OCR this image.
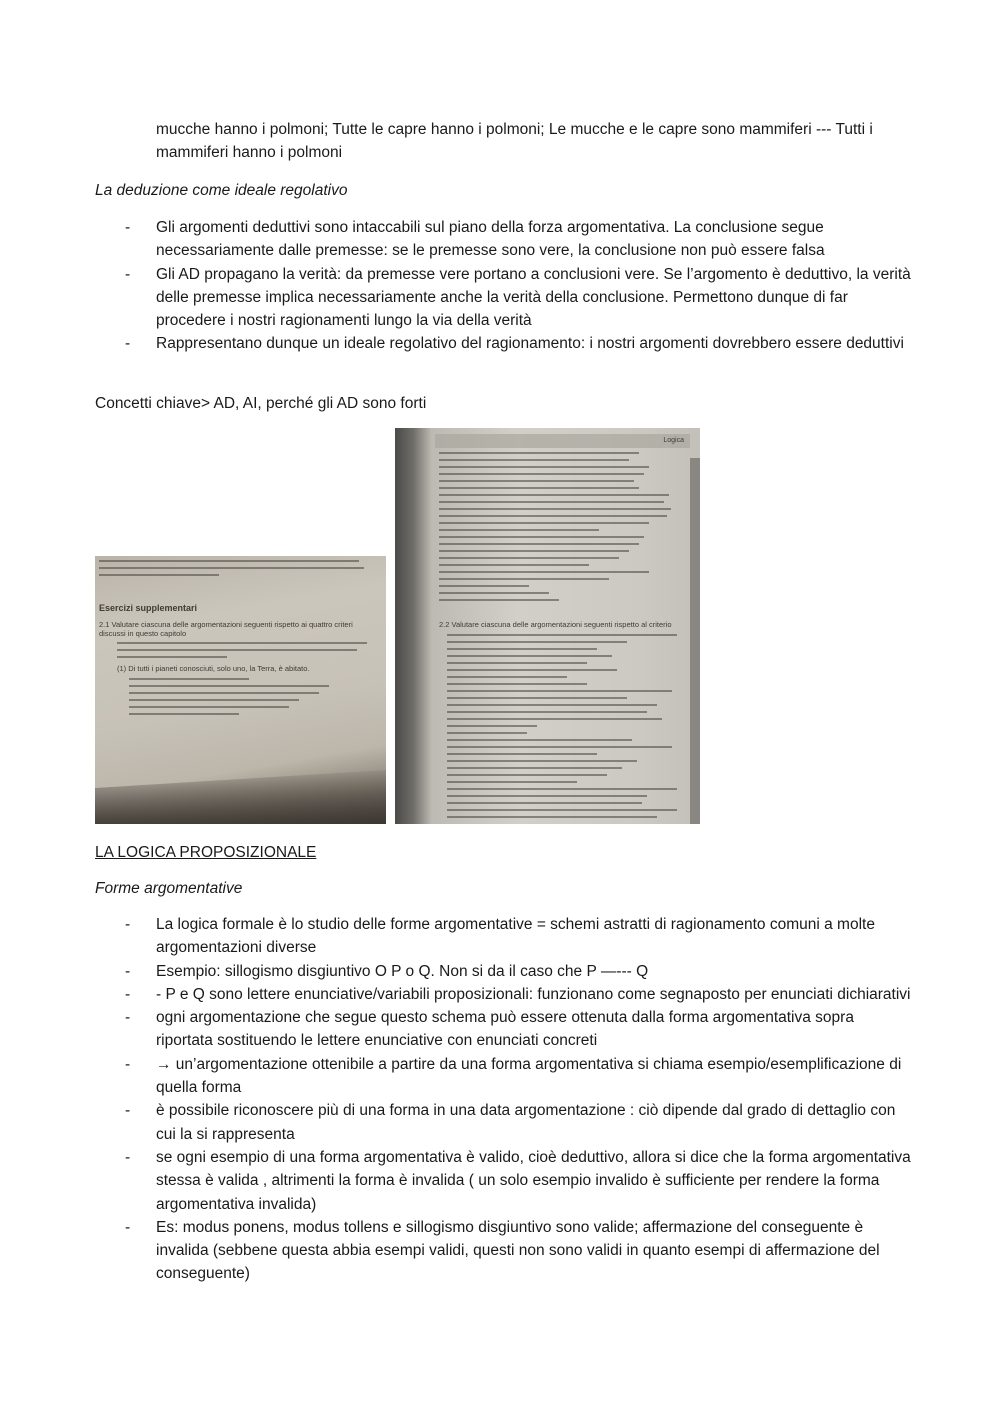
mucche hanno i polmoni; Tutte le capre hanno i polmoni; Le mucche e le capre sono mammiferi --- Tutti i mammiferi hanno i polmoni
La deduzione come ideale regolativo
- Gli argomenti deduttivi sono intaccabili sul piano della forza argomentativa. La conclusione segue necessariamente dalle premesse: se le premesse sono vere, la conclusione non può essere falsa
- Gli AD propagano la verità: da premesse vere portano a conclusioni vere. Se l’argomento è deduttivo, la verità delle premesse implica necessariamente anche la verità della conclusione. Permettono dunque di far procedere i nostri ragionamenti lungo la via della verità
- Rappresentano dunque un ideale regolativo del ragionamento: i nostri argomenti dovrebbero essere deduttivi
Concetti chiave> AD, AI, perché gli AD sono forti
Esercizi supplementari
2.1 Valutare ciascuna delle argomentazioni seguenti rispetto ai quattro criteri discussi in questo capitolo
(1) Di tutti i pianeti conosciuti, solo uno, la Terra, è abitato.
Logica
2.2 Valutare ciascuna delle argomentazioni seguenti rispetto al criterio
LA LOGICA PROPOSIZIONALE
Forme argomentative
- La logica formale è lo studio delle forme argomentative = schemi astratti di ragionamento comuni a molte argomentazioni diverse
- Esempio: sillogismo disgiuntivo O P o Q. Non si da il caso che P —--- Q
- - P e Q sono lettere enunciative/variabili proposizionali: funzionano come segnaposto per enunciati dichiarativi
- ogni argomentazione che segue questo schema può essere ottenuta dalla forma argomentativa sopra riportata sostituendo le lettere enunciative con enunciati concreti
- → un’argomentazione ottenibile a partire da una forma argomentativa si chiama esempio/esemplificazione di quella forma
- è possibile riconoscere più di una forma in una data argomentazione : ciò dipende dal grado di dettaglio con cui la si rappresenta
- se ogni esempio di una forma argomentativa è valido, cioè deduttivo, allora si dice che la forma argomentativa stessa è valida , altrimenti la forma è invalida ( un solo esempio invalido è sufficiente per rendere la forma argomentativa invalida)
- Es: modus ponens, modus tollens e sillogismo disgiuntivo sono valide; affermazione del conseguente è invalida (sebbene questa abbia esempi validi, questi non sono validi in quanto esempi di affermazione del conseguente)
